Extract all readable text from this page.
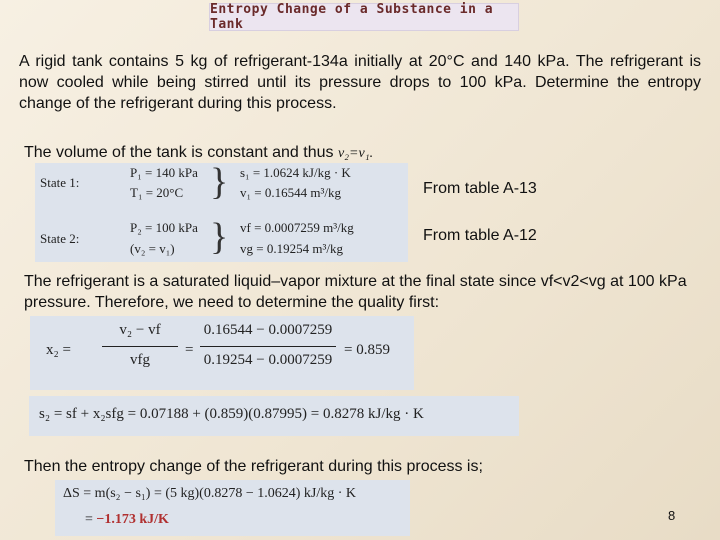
Entropy Change of a Substance in a Tank
A rigid tank contains 5 kg of refrigerant-134a initially at 20°C and 140 kPa. The refrigerant is now cooled while being stirred until its pressure drops to 100 kPa. Determine the entropy change of the refrigerant during this process.
The volume of the tank is constant and thus v₂=v₁.
State 1:
P₁ = 140 kPa
T₁ = 20°C } s₁ = 1.0624 kJ/kg · K
v₁ = 0.16544 m³/kg
State 2:
P₂ = 100 kPa
(v₂ = v₁) } vf = 0.0007259 m³/kg
vg = 0.19254 m³/kg
From table A-13
From table A-12
The refrigerant is a saturated liquid–vapor mixture at the final state since vf<v2<vg at 100 kPa pressure. Therefore, we need to determine the quality first:
x₂ =
v₂ − vf
vfg
=
0.16544 − 0.0007259
0.19254 − 0.0007259
= 0.859
s₂ = sf + x₂sfg = 0.07188 + (0.859)(0.87995) = 0.8278 kJ/kg · K
Then the entropy change of the refrigerant during this process is;
ΔS = m(s₂ − s₁) = (5 kg)(0.8278 − 1.0624) kJ/kg · K
= −1.173 kJ/K	8
